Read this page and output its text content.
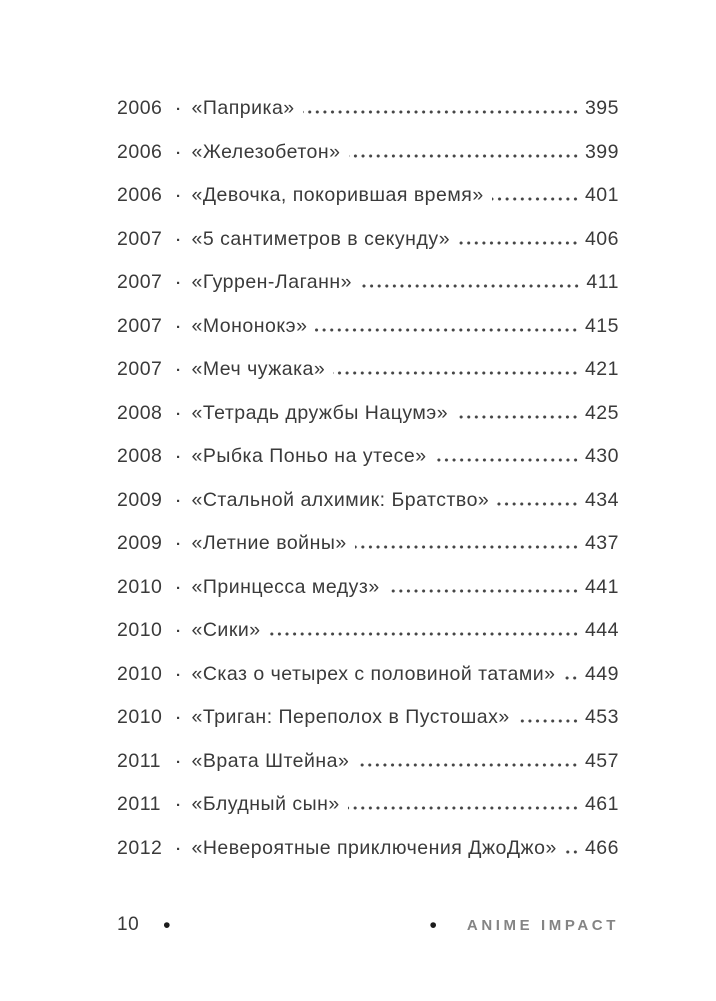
2006 · «Паприка»	395
2006 · «Железобетон»	399
2006 · «Девочка, покорившая время»	401
2007 · «5 сантиметров в секунду»	406
2007 · «Гуррен-Лаганн»	411
2007 · «Мононокэ»	415
2007 · «Меч чужака»	421
2008 · «Тетрадь дружбы Нацумэ»	425
2008 · «Рыбка Поньо на утесе»	430
2009 · «Стальной алхимик: Братство»	434
2009 · «Летние войны»	437
2010 · «Принцесса медуз»	441
2010 · «Сики»	444
2010 · «Сказ о четырех с половиной татами» 449
2010 · «Триган: Переполох в Пустошах»	453
2011	· «Врата Штейна»	457
2011	· «Блудный сын»	461
2012 · «Невероятные приключения ДжоДжо» 466
10 •	• ANIME IMPACT
